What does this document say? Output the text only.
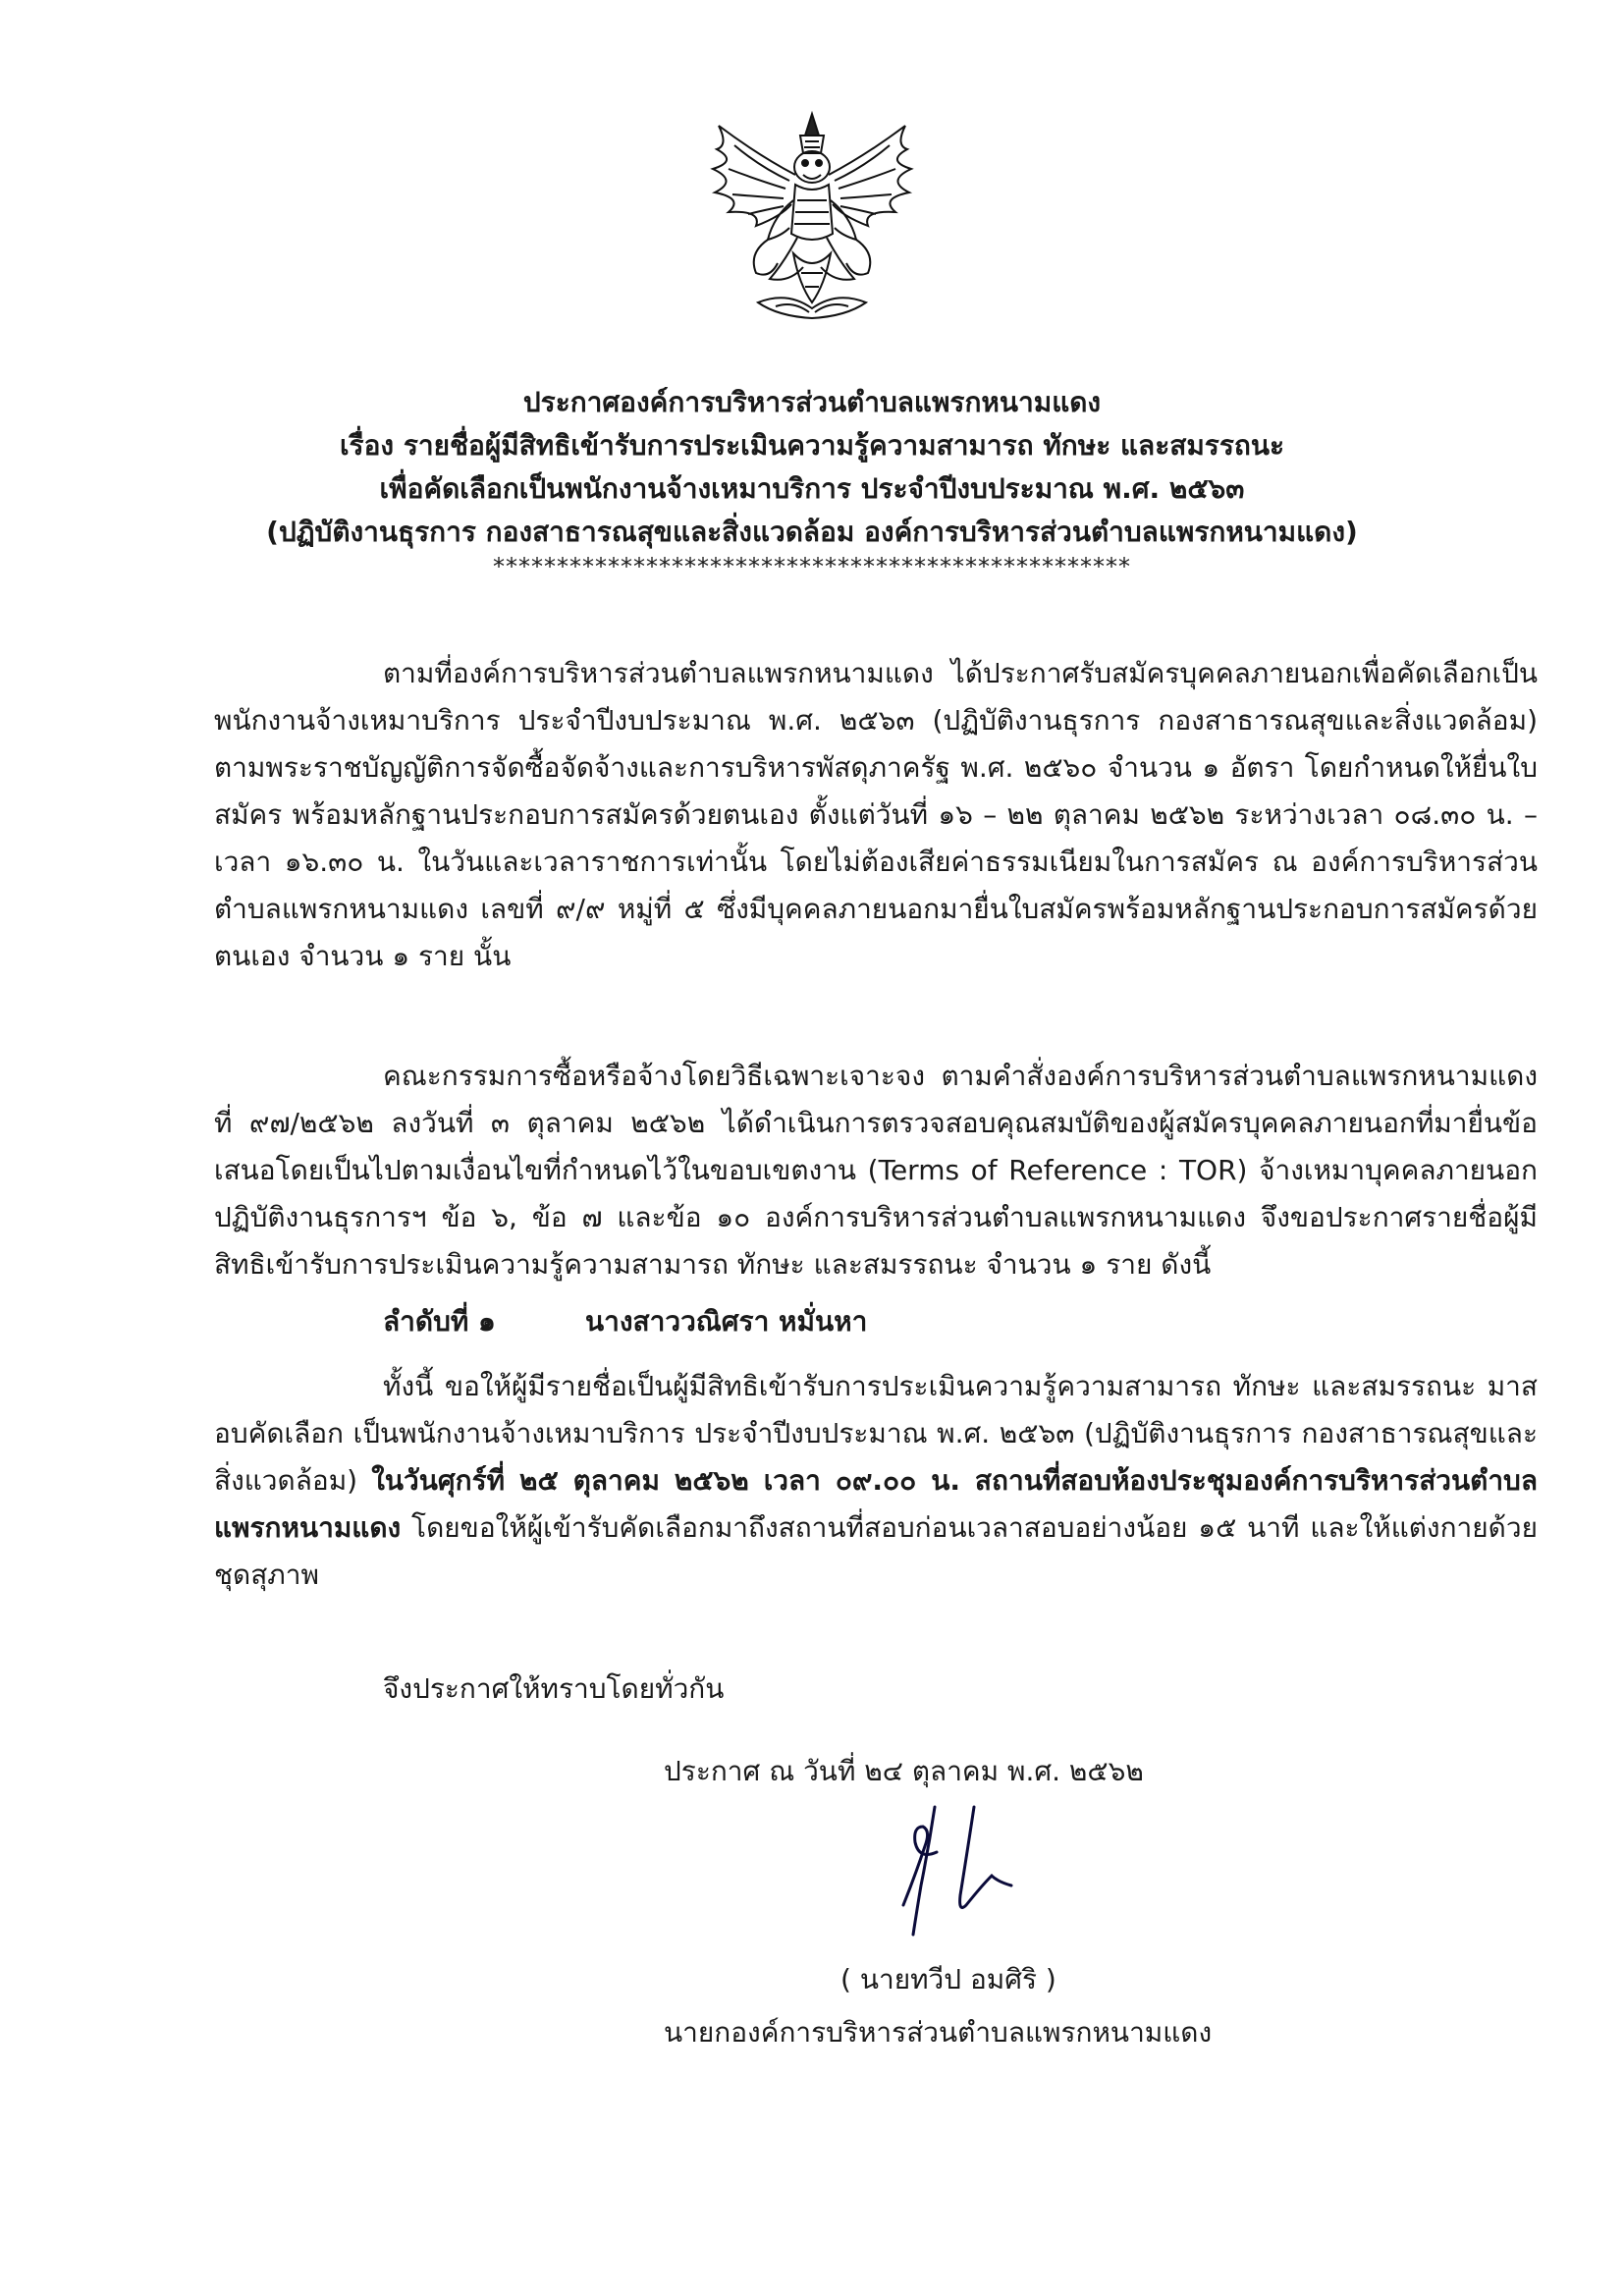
ประกาศองค์การบริหารส่วนตำบลแพรกหนามแดง
เรื่อง รายชื่อผู้มีสิทธิเข้ารับการประเมินความรู้ความสามารถ ทักษะ และสมรรถนะ
เพื่อคัดเลือกเป็นพนักงานจ้างเหมาบริการ ประจำปีงบประมาณ พ.ศ. ๒๕๖๓
(ปฏิบัติงานธุรการ กองสาธารณสุขและสิ่งแวดล้อม องค์การบริหารส่วนตำบลแพรกหนามแดง)
**************************************************

ตามที่องค์การบริหารส่วนตำบลแพรกหนามแดง ได้ประกาศรับสมัครบุคคลภายนอกเพื่อคัดเลือกเป็นพนักงานจ้างเหมาบริการ ประจำปีงบประมาณ พ.ศ. ๒๕๖๓ (ปฏิบัติงานธุรการ กองสาธารณสุขและสิ่งแวดล้อม) ตามพระราชบัญญัติการจัดซื้อจัดจ้างและการบริหารพัสดุภาครัฐ พ.ศ. ๒๕๖๐ จำนวน ๑ อัตรา โดยกำหนดให้ยื่นใบสมัคร พร้อมหลักฐานประกอบการสมัครด้วยตนเอง ตั้งแต่วันที่ ๑๖ – ๒๒ ตุลาคม ๒๕๖๒ ระหว่างเวลา ๐๘.๓๐ น. – เวลา ๑๖.๓๐ น. ในวันและเวลาราชการเท่านั้น โดยไม่ต้องเสียค่าธรรมเนียมในการสมัคร ณ องค์การบริหารส่วนตำบลแพรกหนามแดง เลขที่ ๙/๙ หมู่ที่ ๕ ซึ่งมีบุคคลภายนอกมายื่นใบสมัครพร้อมหลักฐานประกอบการสมัครด้วยตนเอง จำนวน ๑ ราย นั้น

คณะกรรมการซื้อหรือจ้างโดยวิธีเฉพาะเจาะจง ตามคำสั่งองค์การบริหารส่วนตำบลแพรกหนามแดง ที่ ๙๗/๒๕๖๒ ลงวันที่ ๓ ตุลาคม ๒๕๖๒ ได้ดำเนินการตรวจสอบคุณสมบัติของผู้สมัครบุคคลภายนอกที่มายื่นข้อเสนอโดยเป็นไปตามเงื่อนไขที่กำหนดไว้ในขอบเขตงาน (Terms of Reference : TOR) จ้างเหมาบุคคลภายนอกปฏิบัติงานธุรการฯ ข้อ ๖, ข้อ ๗ และข้อ ๑๐ องค์การบริหารส่วนตำบลแพรกหนามแดง จึงขอประกาศรายชื่อผู้มีสิทธิเข้ารับการประเมินความรู้ความสามารถ ทักษะ และสมรรถนะ จำนวน ๑ ราย ดังนี้

ลำดับที่ ๑	นางสาววณิศรา หมั่นหา

ทั้งนี้ ขอให้ผู้มีรายชื่อเป็นผู้มีสิทธิเข้ารับการประเมินความรู้ความสามารถ ทักษะ และสมรรถนะ มาสอบคัดเลือก เป็นพนักงานจ้างเหมาบริการ ประจำปีงบประมาณ พ.ศ. ๒๕๖๓ (ปฏิบัติงานธุรการ กองสาธารณสุขและสิ่งแวดล้อม) ในวันศุกร์ที่ ๒๕ ตุลาคม ๒๕๖๒ เวลา ๐๙.๐๐ น. สถานที่สอบห้องประชุมองค์การบริหารส่วนตำบลแพรกหนามแดง โดยขอให้ผู้เข้ารับคัดเลือกมาถึงสถานที่สอบก่อนเวลาสอบอย่างน้อย ๑๕ นาที และให้แต่งกายด้วย ชุดสุภาพ

จึงประกาศให้ทราบโดยทั่วกัน
ประกาศ ณ วันที่ ๒๔ ตุลาคม พ.ศ. ๒๕๖๒
( นายทวีป อมศิริ )
นายกองค์การบริหารส่วนตำบลแพรกหนามแดง
